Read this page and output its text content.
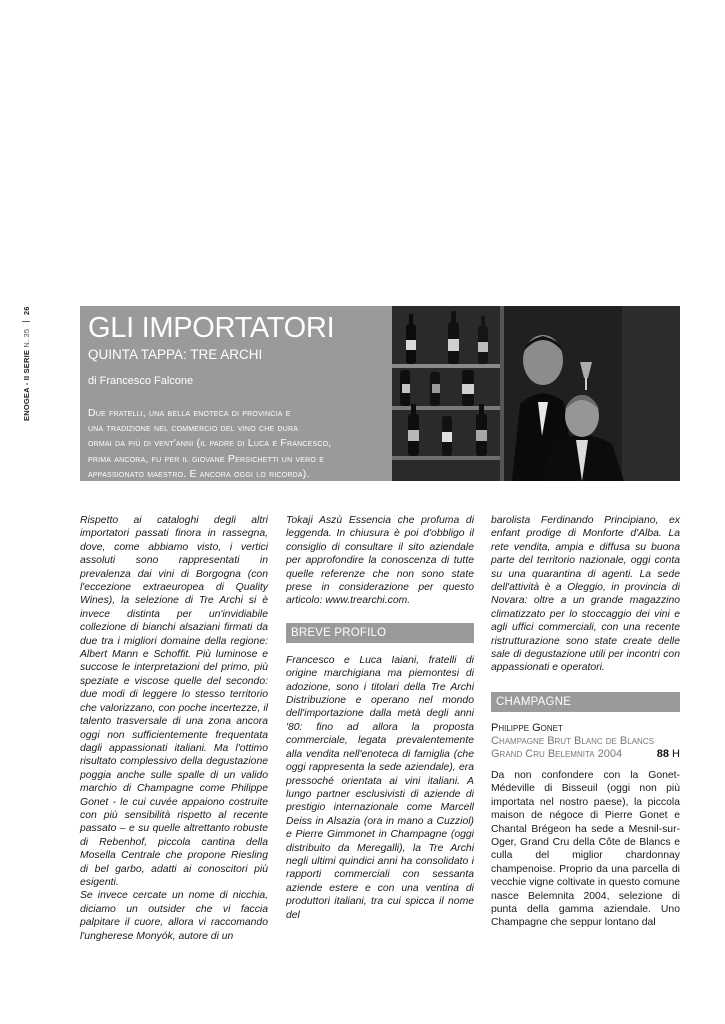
ENOGEA - II SERIE N. 35  26
GLI IMPORTATORI
QUINTA TAPPA: TRE ARCHI
di Francesco Falcone
Due fratelli, una bella enoteca di provincia e
una tradizione nel commercio del vino che dura
ormai da più di vent'anni (il padre di Luca e Francesco,
prima ancora, fu per il giovane Persichetti un vero e
appassionato maestro. E ancora oggi lo ricorda).

Rispetto ai cataloghi degli altri importatori passati finora in rassegna, dove, come abbiamo visto, i vertici assoluti sono rappresentati in prevalenza dai vini di Borgogna (con l'eccezione extraeuropea di Quality Wines), la selezione di Tre Archi si è invece distinta per un'invidiabile collezione di bianchi alsaziani firmati da due tra i migliori domaine della regione: Albert Mann e Schoffit. Più luminose e succose le interpretazioni del primo, più speziate e viscose quelle del secondo: due modi di leggere lo stesso territorio che valorizzano, con poche incertezze, il talento trasversale di una zona ancora oggi non sufficientemente frequentata dagli appassionati italiani. Ma l'ottimo risultato complessivo della degustazione poggia anche sulle spalle di un valido marchio di Champagne come Philippe Gonet - le cui cuvée appaiono costruite con più sensibilità rispetto al recente passato – e su quelle altrettanto robuste di Rebenhof, piccola cantina della Mosella Centrale che propone Riesling di bel garbo, adatti ai conoscitori più esigenti.

Se invece cercate un nome di nicchia, diciamo un outsider che vi faccia palpitare il cuore, allora vi raccomando l'ungherese Monyók, autore di un

Tokaji Aszù Essencia che profuma di leggenda. In chiusura è poi d'obbligo il consiglio di consultare il sito aziendale per approfondire la conoscenza di tutte quelle referenze che non sono state prese in considerazione per questo articolo: www.trearchi.com.

BREVE PROFILO

Francesco e Luca Iaiani, fratelli di origine marchigiana ma piemontesi di adozione, sono i titolari della Tre Archi Distribuzione e operano nel mondo dell'importazione dalla metà degli anni '80: fino ad allora la proposta commerciale, legata prevalentemente alla vendita nell'enoteca di famiglia (che oggi rappresenta la sede aziendale), era pressoché orientata ai vini italiani. A lungo partner esclusivisti di aziende di prestigio internazionale come Marcell Deiss in Alsazia (ora in mano a Cuzziol) e Pierre Gimmonet in Champagne (oggi distribuito da Meregalli), la Tre Archi negli ultimi quindici anni ha consolidato i rapporti commerciali con sessanta aziende estere e con una ventina di produttori italiani, tra cui spicca il nome del

barolista Ferdinando Principiano, ex enfant prodige di Monforte d'Alba. La rete vendita, ampia e diffusa su buona parte del territorio nazionale, oggi conta su una quarantina di agenti. La sede dell'attività è a Oleggio, in provincia di Novara: oltre a un grande magazzino climatizzato per lo stoccaggio dei vini e agli uffici commerciali, con una recente ristrutturazione sono state create delle sale di degustazione utili per incontri con appassionati e operatori.

CHAMPAGNE
Philippe Gonet
Champagne Brut Blanc de Blancs
Grand Cru Belemnita 2004	88 H

Da non confondere con la Gonet-Médeville di Bisseuil (oggi non più importata nel nostro paese), la piccola maison de négoce di Pierre Gonet e Chantal Brégeon ha sede a Mesnil-sur-Oger, Grand Cru della Côte de Blancs e culla del miglior chardonnay champenoise. Proprio da una parcella di vecchie vigne coltivate in questo comune nasce Belemnita 2004, selezione di punta della gamma aziendale. Uno Champagne che seppur lontano dal
